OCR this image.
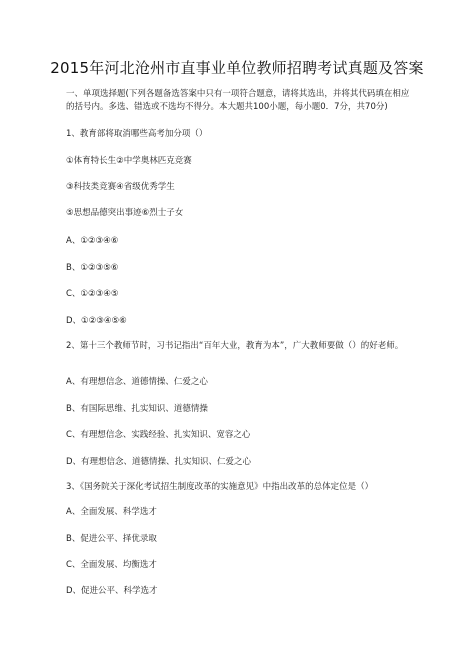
2015年河北沧州市直事业单位教师招聘考试真题及答案
一、单项选择题(下列各题备选答案中只有一项符合题意，请将其选出，并将其代码填在相应的括号内。多选、错选或不选均不得分。本大题共100小题，每小题0．7分，共70分)
1、教育部将取消哪些高考加分项（）
①体育特长生②中学奥林匹克竞赛
③科技类竞赛④省级优秀学生
⑤思想品德突出事迹⑥烈士子女
A、①②③④⑥
B、①②③⑤⑥
C、①②③④⑤
D、①②③④⑤⑥
2、第十三个教师节时，习书记指出“百年大业，教育为本”，广大教师要做（）的好老师。
A、有理想信念、道德情操、仁爱之心
B、有国际思维、扎实知识、道德情操
C、有理想信念、实践经验、扎实知识、宽容之心
D、有理想信念、道德情操、扎实知识、仁爱之心
3、《国务院关于深化考试招生制度改革的实施意见》中指出改革的总体定位是（）
A、全面发展、科学选才
B、促进公平、择优录取
C、全面发展、均衡选才
D、促进公平、科学选才
